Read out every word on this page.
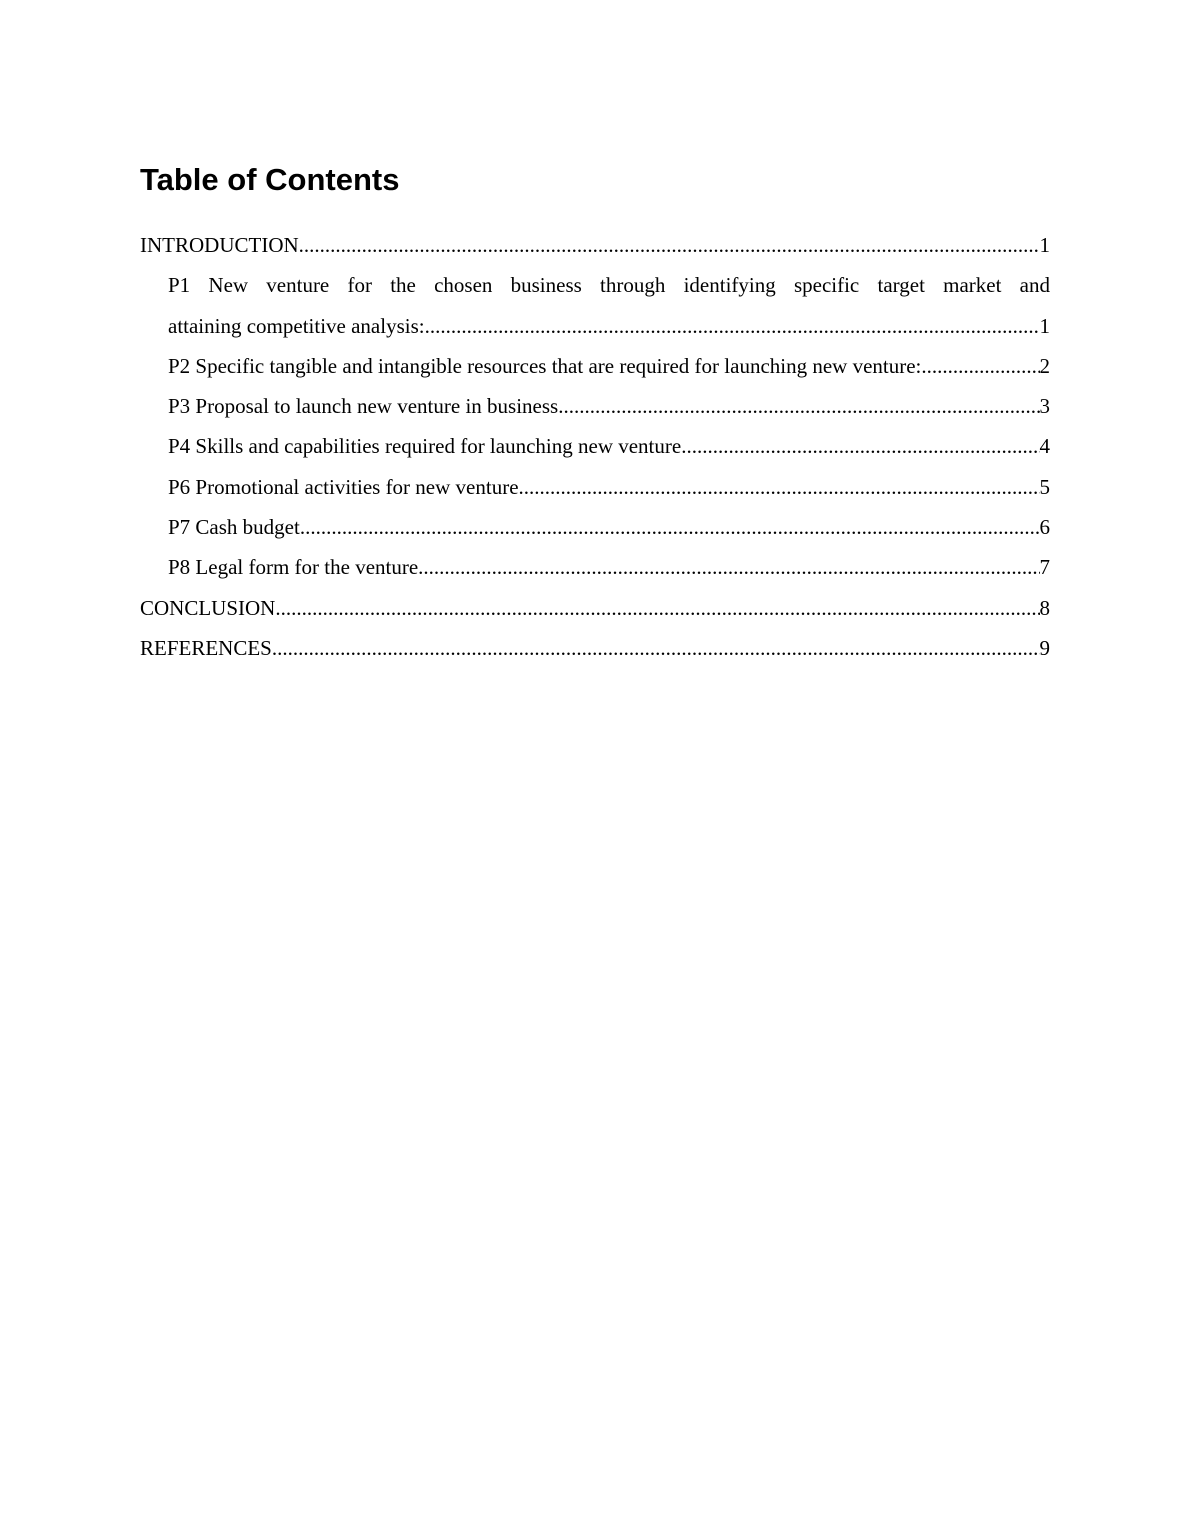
Table of Contents
INTRODUCTION .....	1
P1 New venture for the chosen business through identifying specific target market and
attaining competitive analysis: .....	1
P2 Specific tangible and intangible resources that are required for launching new venture: .....	2
P3 Proposal to launch new venture in business .....	3
P4 Skills and capabilities required for launching new venture .....	4
P6 Promotional activities for new venture .....	5
P7 Cash budget .....	6
P8 Legal form for the venture .....	7
CONCLUSION .....	8
REFERENCES .....	9
